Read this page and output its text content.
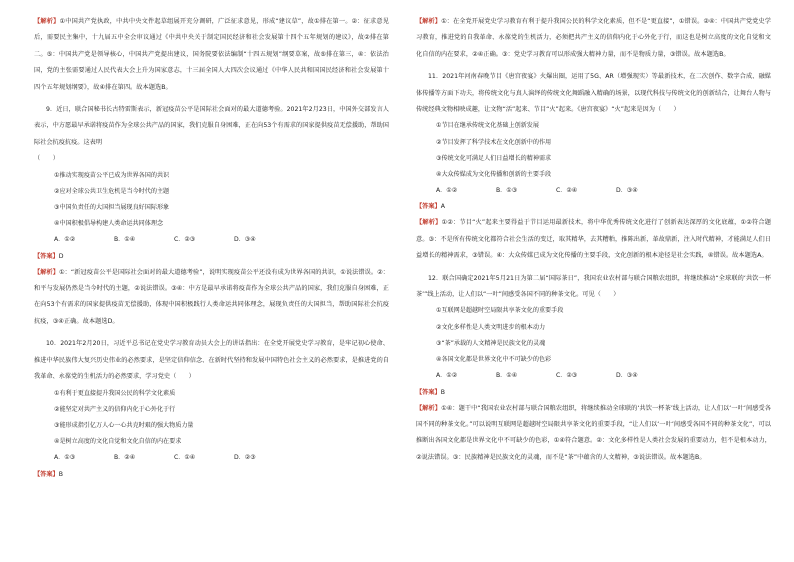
【解析】①中国共产党执政，中共中央文件起草组展开充分调研，广泛征求意见，形成“建议草”，故①排在第一。②：征求意见后，需要民主集中，十九届五中全会审议通过《中共中央关于制定国民经济和社会发展第十四个五年规划的建议》，故②排在第二。⑤：中国共产党是领导核心，中国共产党提出建议，国务院要依法编制“十四五规划”纲要草案，故⑤排在第三，④：依法治国，党的主张需要通过人民代表大会上升为国家意志，十三届全国人大四次会议通过《中华人民共和国国民经济和社会发展第十四个五年规划纲要》，故④排在第四。故本题选B。

9．近日，联合国秘书长古特雷斯表示，新冠疫苗公平是国际社会面对的最大道德考验。2021年2月23日，中国外交部发言人表示，中方愿最早承诺将疫苗作为全球公共产品的国家，我们克服自身困难，正在向53个有需求的国家提供疫苗无偿援助，帮助国际社会抗疫抗疫。这表明

（　　）

①推动实现疫苗公平已成为世界各国的共识

②应对全球公共卫生危机是当今时代的主题

③中国负责任的大国担当展现良好国际形象

④中国积极倡导构建人类命运共同体理念

A．①②	B．①④	C．②③	D．③④

【答案】D

【解析】①：“新冠疫苗公平是国际社会面对的最大道德考验”，说明实现疫苗公平还没有成为世界各国的共识，①说法错误。②：和平与发展仍然是当今时代的主题，②说法错误。③④：中方是最早承诺将疫苗作为全球公共产品的国家，我们克服自身困难，正在向53个有需求的国家提供疫苗无偿援助，体现中国积极践行人类命运共同体理念，展现负责任的大国担当，帮助国际社会抗疫抗疫，③④正确。故本题选D。

10．2021年2月20日，习近平总书记在党史学习教育动员大会上的讲话指出：在全党开展党史学习教育，是牢记初心使命、推进中华民族伟大复兴历史伟业的必然要求，是坚定信仰信念、在新时代坚持和发展中国特色社会主义的必然要求，是推进党的自我革命、永葆党的生机活力的必然要求，学习党史（　　）

①有利于更直接提升我国公民的科学文化素质

②能坚定对共产主义的信仰内化于心外化于行

③能形成指引亿万人心一心共克时艰的强大物质力量

④是树立高度的文化自觉和文化自信的内在要求

A．①③	B．②④	C．①④	D．②③

【答案】B

【解析】①：在全党开展党史学习教育有利于提升我国公民的科学文化素质，但不是“更直接”，①错误。②④：中国共产党党史学习教育，推进党的自我革命、永葆党的生机活力，必须把共产主义的信仰内化于心外化于行，而这也是树立高度的文化自觉和文化自信的内在要求，②④正确。③：党史学习教育可以形成强大精神力量，而不是物质力量，③错误。故本题选B。

11．2021年河南春晚节目《唐宫夜宴》火爆出圈，运用了5G、AR（增强现实）等最新技术，在二次创作、数字合成、融媒体传播等方面下功夫，将传统文化与真人演绎的传统文化舞蹈融入精确的场景，以现代科技与传统文化的创新结合，让舞台人物与传统经典文物相映成趣，让文物“活”起来、节目“火”起来。《唐宫夜宴》“火”起来是因为（　　）

①节目在继承传统文化基础上创新发展

②节目发挥了科学技术在文化创新中的作用

③传统文化可满足人们日益增长的精神需求

④大众传媒成为文化传播和创新的主要手段

A．①②	B．①③	C．②④	D．③④

【答案】A

【解析】①②：节目“火”起来主要得益于节目运用最新技术，将中华优秀传统文化进行了创新表达深厚的文化底蕴，①②符合题意。③：不是所有传统文化都符合社会生活的变迁，取其精华，去其糟粕，推陈出新，革故鼎新，注入时代精神，才能满足人们日益增长的精神需求，③错误。④：大众传媒已成为文化传播的主要手段，文化创新的根本途径是社会实践，④错误。故本题选A。

12．联合国确定2021年5月21日为第二届“国际茶日”，我国农业农村部与联合国粮农组织，将继续推动“全球联的‘共饮一杯茶’”线上活动，让人们以“一叶”间感受各国不同的种茶文化。可见（　　）

①互联网是超越时空局限共享茶文化的重要手段

②文化多样性是人类文明进步的根本动力

③“茶”承载的人文精神是民族文化的灵魂

④各国文化都是世界文化中不可缺少的色彩

A．①②	B．①④	C．②③	D．③④

【答案】B

【解析】①④：题干中“我国农业农村部与联合国粮农组织，将继续推动全球联的‘共饮一杯茶’线上活动，让人们以‘一叶’间感受各国不同的种茶文化。”可以说明互联网是超越时空局限共享茶文化的重要手段，“让人们以‘一叶’间感受各国不同的种茶文化”，可以推断出各国文化都是世界文化中不可缺少的色彩，①④符合题意。②：文化多样性是人类社会发展的重要动力，但不是根本动力，②说法错误。③：民族精神是民族文化的灵魂，而不是“茶”中蕴含的人文精神，③说法错误。故本题选B。
